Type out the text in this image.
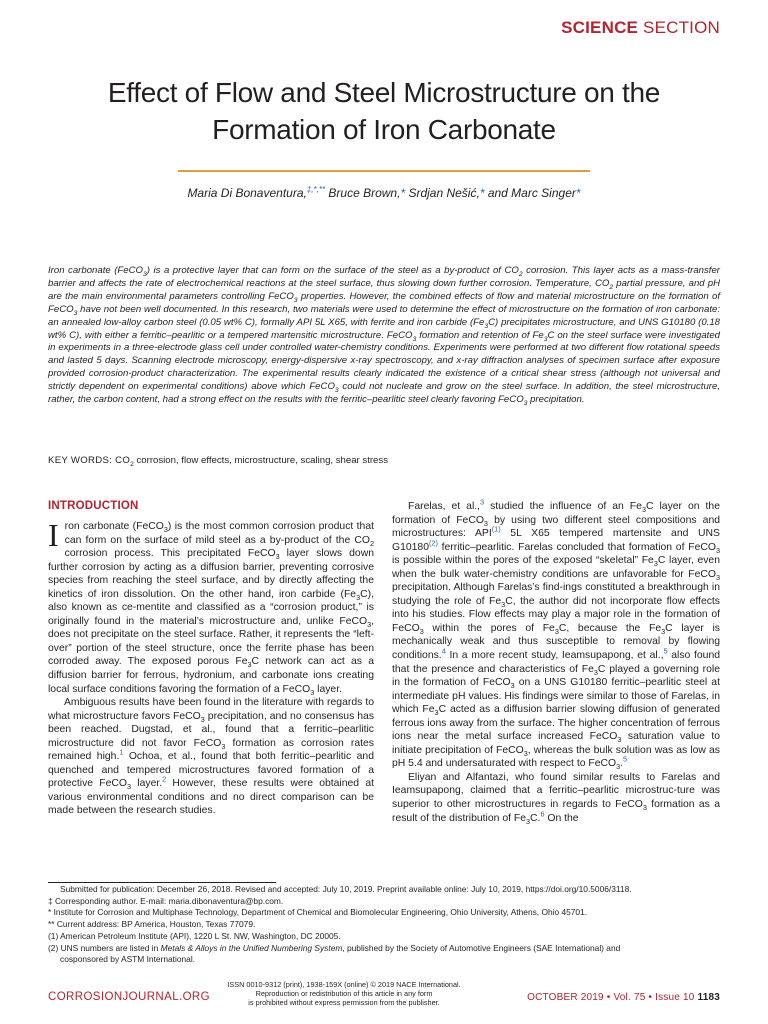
SCIENCE SECTION
Effect of Flow and Steel Microstructure on the
Formation of Iron Carbonate
Maria Di Bonaventura,‡,*,** Bruce Brown,* Srdjan Nešić,* and Marc Singer*
Iron carbonate (FeCO$_3$) is a protective layer that can form on the surface of the steel as a by-product of $CO_2$ corrosion. This layer acts as a mass-transfer barrier and affects the rate of electrochemical reactions at the steel surface, thus slowing down further corrosion. Temperature, $CO_2$ partial pressure, and pH are the main environmental parameters controlling FeCO$_3$ properties. However, the combined effects of flow and material microstructure on the formation of FeCO$_3$ have not been well documented. In this research, two materials were used to determine the effect of microstructure on the formation of iron carbonate: an annealed low-alloy carbon steel (0.05 wt% C), formally API 5L X65, with ferrite and iron carbide $(Fe_3C)$ precipitates microstructure, and UNS G10180 (0.18 wt% C), with either a ferritic–pearlitic or a tempered martensitic microstructure. FeCO$_3$ formation and retention of $Fe_3C$ on the steel surface were investigated in experiments in a three-electrode glass cell under controlled water-chemistry conditions. Experiments were performed at two different flow rotational speeds and lasted 5 days. Scanning electrode microscopy, energy-dispersive x-ray spectroscopy, and x-ray diffraction analyses of specimen surface after exposure provided corrosion-product characterization. The experimental results clearly indicated the existence of a critical shear stress (although not universal and strictly dependent on experimental conditions) above which FeCO$_3$ could not nucleate and grow on the steel surface. In addition, the steel microstructure, rather, the carbon content, had a strong effect on the results with the ferritic–pearlitic steel clearly favoring FeCO$_3$ precipitation.
KEY WORDS: $CO_2$ corrosion, flow effects, microstructure, scaling, shear stress
INTRODUCTION

Iron carbonate (FeCO$_3$) is the most common corrosion product that can form on the surface of mild steel as a by-product of the $CO_2$ corrosion process. This precipitated FeCO$_3$ layer slows down further corrosion by acting as a diffusion barrier, preventing corrosive species from reaching the steel surface, and by directly affecting the kinetics of iron dissolution. On the other hand, iron carbide $(Fe_3C)$, also known as ce-mentite and classified as a “corrosion product,” is originally found in the material’s microstructure and, unlike FeCO$_3$, does not precipitate on the steel surface. Rather, it represents the “left-over” portion of the steel structure, once the ferrite phase has been corroded away. The exposed porous $Fe_3C$ network can act as a diffusion barrier for ferrous, hydronium, and carbonate ions creating local surface conditions favoring the formation of a FeCO$_3$ layer.

Ambiguous results have been found in the literature with regards to what microstructure favors FeCO$_3$ precipitation, and no consensus has been reached. Dugstad, et al., found that a ferritic–pearlitic microstructure did not favor FeCO$_3$ formation as corrosion rates remained high.$^1$ Ochoa, et al., found that both ferritic–pearlitic and quenched and tempered microstructures favored formation of a protective FeCO$_3$ layer.$^2$ However, these results were obtained at various environmental conditions and no direct comparison can be made between the research studies.

Farelas, et al.,$^3$ studied the influence of an $Fe_3C$ layer on the formation of FeCO$_3$ by using two different steel compositions and microstructures: API$^{(1)}$ 5L X65 tempered martensite and UNS G10180$^{(2)}$ ferritic–pearlitic. Farelas concluded that formation of FeCO$_3$ is possible within the pores of the exposed “skeletal” $Fe_3C$ layer, even when the bulk water-chemistry conditions are unfavorable for FeCO$_3$ precipitation. Although Farelas’s find-ings constituted a breakthrough in studying the role of $Fe_3C$, the author did not incorporate flow effects into his studies. Flow effects may play a major role in the formation of FeCO$_3$ within the pores of $Fe_3C$, because the $Fe_3C$ layer is mechanically weak and thus susceptible to removal by flowing conditions.$^4$ In a more recent study, Ieamsupapong, et al.,$^5$ also found that the presence and characteristics of $Fe_3C$ played a governing role in the formation of FeCO$_3$ on a UNS G10180 ferritic–pearlitic steel at intermediate pH values. His findings were similar to those of Farelas, in which $Fe_3C$ acted as a diffusion barrier slowing diffusion of generated ferrous ions away from the surface. The higher concentration of ferrous ions near the metal surface increased FeCO$_3$ saturation value to initiate precipitation of FeCO$_3$, whereas the bulk solution was as low as pH 5.4 and undersaturated with respect to FeCO$_3$.$^5$

Eliyan and Alfantazi, who found similar results to Farelas and Ieamsupapong, claimed that a ferritic–pearlitic microstruc-ture was superior to other microstructures in regards to FeCO$_3$ formation as a result of the distribution of $Fe_3C.^6$ On the

Submitted for publication: December 26, 2018. Revised and accepted: July 10, 2019. Preprint available online: July 10, 2019, https://doi.org/10.5006/3118.

‡ Corresponding author. E-mail: maria.dibonaventura@bp.com.

* Institute for Corrosion and Multiphase Technology, Department of Chemical and Biomolecular Engineering, Ohio University, Athens, Ohio 45701.

** Current address: BP America, Houston, Texas 77079.

(1) American Petroleum Institute (API), 1220 L St. NW, Washington, DC 20005.

(2) UNS numbers are listed in Metals & Alloys in the Unified Numbering System, published by the Society of Automotive Engineers (SAE International) and

cosponsored by ASTM International.

CORROSIONJOURNAL.ORG
ISSN 0010-9312 (print), 1938-159X (online) © 2019 NACE International.
Reproduction or redistribution of this article in any form
is prohibited without express permission from the publisher.	OCTOBER 2019 • Vol. 75 • Issue 10 1183
